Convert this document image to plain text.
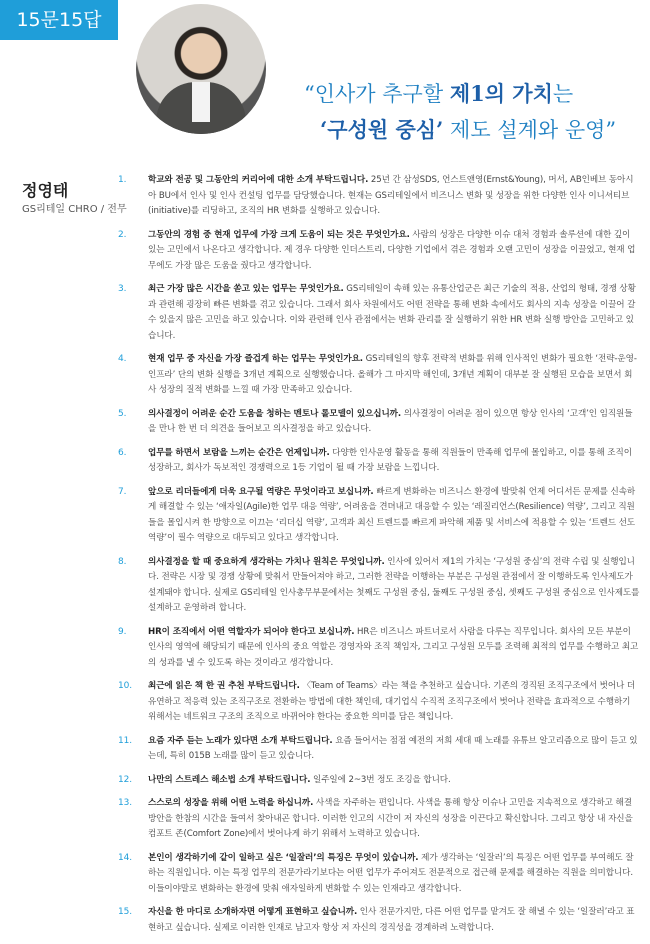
15문15답
“인사가 추구할 제1의 가치는
‘구성원 중심’ 제도 설계와 운영”
정영태
GS리테일 CHRO / 전무
1.	학교와 전공 및 그동안의 커리어에 대한 소개 부탁드립니다. 25년 간 삼성SDS, 언스트앤영(Ernst&Young), 머서, AB인베브 동아시아 BU에서 인사 및 인사 컨설팅 업무를 담당했습니다. 현재는 GS리테일에서 비즈니스 변화 및 성장을 위한 다양한 인사 이니셔티브(initiative)를 리딩하고, 조직의 HR 변화를 실행하고 있습니다.
2.	그동안의 경험 중 현재 업무에 가장 크게 도움이 되는 것은 무엇인가요. 사람의 성장은 다양한 이슈 대처 경험과 솔루션에 대한 깊이 있는 고민에서 나온다고 생각합니다. 제 경우 다양한 인더스트리, 다양한 기업에서 겪은 경험과 오랜 고민이 성장을 이끌었고, 현재 업무에도 가장 많은 도움을 줬다고 생각합니다.
3.	최근 가장 많은 시간을 쏟고 있는 업무는 무엇인가요. GS리테일이 속해 있는 유통산업군은 최근 기술의 적용, 산업의 형태, 경쟁 상황과 관련해 굉장히 빠른 변화를 겪고 있습니다. 그래서 회사 차원에서도 어떤 전략을 통해 변화 속에서도 회사의 지속 성장을 이끌어 갈 수 있을지 많은 고민을 하고 있습니다. 이와 관련해 인사 관점에서는 변화 관리를 잘 실행하기 위한 HR 변화 실행 방안을 고민하고 있습니다.
4.	현재 업무 중 자신을 가장 즐겁게 하는 업무는 무엇인가요. GS리테일의 향후 전략적 변화를 위해 인사적인 변화가 필요한 ‘전략-운영-인프라’ 단의 변화 실행을 3개년 계획으로 실행했습니다. 올해가 그 마지막 해인데, 3개년 계획이 대부분 잘 실행된 모습을 보면서 회사 성장의 질적 변화를 느낄 때 가장 만족하고 있습니다.
5.	의사결정이 어려운 순간 도움을 청하는 멘토나 롤모델이 있으십니까. 의사결정이 어려운 점이 있으면 항상 인사의 ‘고객’인 임직원들을 만나 한 번 더 의견을 들어보고 의사결정을 하고 있습니다.
6.	업무를 하면서 보람을 느끼는 순간은 언제입니까. 다양한 인사운영 활동을 통해 직원들이 만족해 업무에 몰입하고, 이를 통해 조직이 성장하고, 회사가 독보적인 경쟁력으로 1등 기업이 될 때 가장 보람을 느낍니다.
7.	앞으로 리더들에게 더욱 요구될 역량은 무엇이라고 보십니까. 빠르게 변화하는 비즈니스 환경에 발맞춰 언제 어디서든 문제를 신속하게 해결할 수 있는 ‘애자일(Agile)한 업무 대응 역량’, 어려움을 견뎌내고 대응할 수 있는 ‘레질리언스(Resilience) 역량’, 그리고 직원들을 몰입시켜 한 방향으로 이끄는 ‘리더십 역량’, 고객과 최신 트렌드를 빠르게 파악해 제품 및 서비스에 적용할 수 있는 ‘트렌드 선도 역량’이 필수 역량으로 대두되고 있다고 생각합니다.
8.	의사결정을 할 때 중요하게 생각하는 가치나 원칙은 무엇입니까. 인사에 있어서 제1의 가치는 ‘구성원 중심’의 전략 수립 및 실행입니다. 전략은 시장 및 경쟁 상황에 맞춰서 만들어져야 하고, 그러한 전략을 이행하는 부분은 구성원 관점에서 잘 이행하도록 인사제도가 설계돼야 합니다. 실제로 GS리테일 인사총무부문에서는 첫째도 구성원 중심, 둘째도 구성원 중심, 셋째도 구성원 중심으로 인사제도를 설계하고 운영하려 합니다.
9.	HR이 조직에서 어떤 역할자가 되어야 한다고 보십니까. HR은 비즈니스 파트너로서 사람을 다루는 직무입니다. 회사의 모든 부분이 인사의 영역에 해당되기 때문에 인사의 중요 역할은 경영자와 조직 책임자, 그리고 구성원 모두를 조력해 최적의 업무를 수행하고 최고의 성과를 낼 수 있도록 하는 것이라고 생각합니다.
10. 최근에 읽은 책 한 권 추천 부탁드립니다. 〈Team of Teams〉라는 책을 추천하고 싶습니다. 기존의 경직된 조직구조에서 벗어나 더 유연하고 적응력 있는 조직구조로 전환하는 방법에 대한 책인데, 대기업식 수직적 조직구조에서 벗어나 전략을 효과적으로 수행하기 위해서는 네트워크 구조의 조직으로 바뀌어야 한다는 중요한 의미를 담은 책입니다.
11. 요즘 자주 듣는 노래가 있다면 소개 부탁드립니다. 요즘 들어서는 점점 예전의 저희 세대 때 노래를 유튜브 알고리즘으로 많이 듣고 있는데, 특히 015B 노래를 많이 듣고 있습니다.
12. 나만의 스트레스 해소법 소개 부탁드립니다. 일주일에 2~3번 정도 조깅을 합니다.
13. 스스로의 성장을 위해 어떤 노력을 하십니까. 사색을 자주하는 편입니다. 사색을 통해 항상 이슈나 고민을 지속적으로 생각하고 해결 방안을 한참의 시간을 들여서 찾아내곤 합니다. 이러한 인고의 시간이 저 자신의 성장을 이끈다고 확신합니다. 그리고 항상 내 자신을 컴포트 존(Comfort Zone)에서 벗어나게 하기 위해서 노력하고 있습니다.
14. 본인이 생각하기에 같이 일하고 싶은 ‘일잘러’의 특징은 무엇이 있습니까. 제가 생각하는 ‘일잘러’의 특징은 어떤 업무를 부여해도 잘하는 직원입니다. 이는 특정 업무의 전문가라기보다는 어떤 업무가 주어져도 전문적으로 접근해 문제를 해결하는 직원을 의미합니다. 이들이야말로 변화하는 환경에 맞춰 애자일하게 변화할 수 있는 인재라고 생각합니다.
15. 자신을 한 마디로 소개하자면 어떻게 표현하고 싶습니까. 인사 전문가지만, 다른 어떤 업무를 맡겨도 잘 해낼 수 있는 ‘일잘러’라고 표현하고 싶습니다. 실제로 이러한 인재로 남고자 항상 저 자신의 경직성을 경계하려 노력합니다.
